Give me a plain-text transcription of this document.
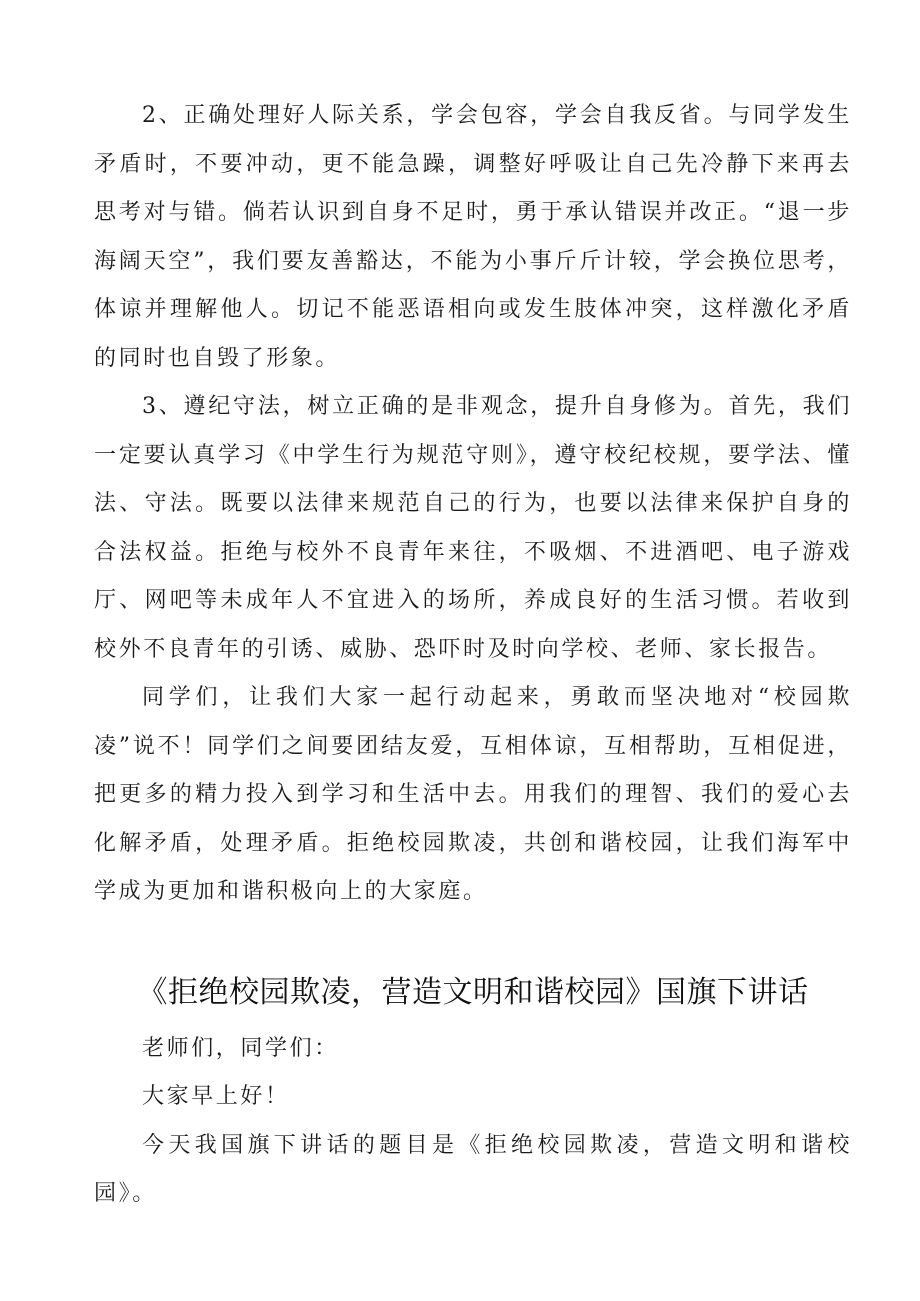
2、正确处理好人际关系，学会包容，学会自我反省。与同学发生矛盾时，不要冲动，更不能急躁，调整好呼吸让自己先冷静下来再去思考对与错。倘若认识到自身不足时，勇于承认错误并改正。“退一步海阔天空”，我们要友善豁达，不能为小事斤斤计较，学会换位思考，体谅并理解他人。切记不能恶语相向或发生肢体冲突，这样激化矛盾的同时也自毁了形象。

3、遵纪守法，树立正确的是非观念，提升自身修为。首先，我们一定要认真学习《中学生行为规范守则》，遵守校纪校规，要学法、懂法、守法。既要以法律来规范自己的行为，也要以法律来保护自身的合法权益。拒绝与校外不良青年来往，不吸烟、不进酒吧、电子游戏厅、网吧等未成年人不宜进入的场所，养成良好的生活习惯。若收到校外不良青年的引诱、威胁、恐吓时及时向学校、老师、家长报告。

同学们，让我们大家一起行动起来，勇敢而坚决地对“校园欺凌”说不！同学们之间要团结友爱，互相体谅，互相帮助，互相促进，把更多的精力投入到学习和生活中去。用我们的理智、我们的爱心去化解矛盾，处理矛盾。拒绝校园欺凌，共创和谐校园，让我们海军中学成为更加和谐积极向上的大家庭。

《拒绝校园欺凌，营造文明和谐校园》国旗下讲话

老师们，同学们：

大家早上好！

今天我国旗下讲话的题目是《拒绝校园欺凌，营造文明和谐校园》。
